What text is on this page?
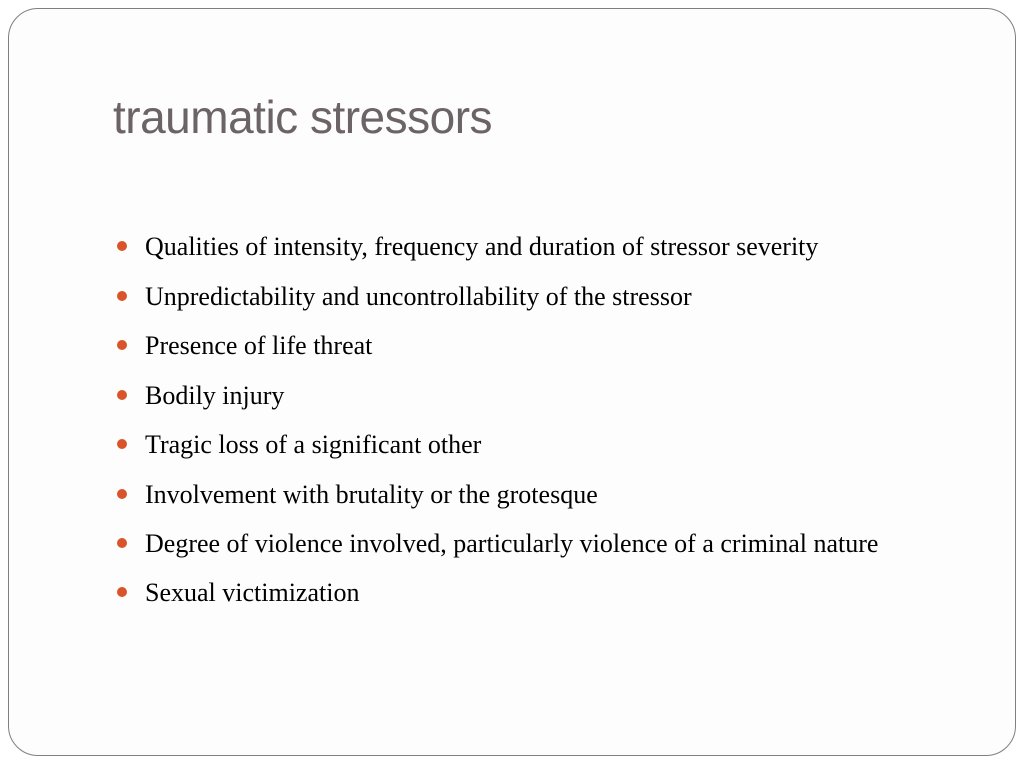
traumatic stressors
Qualities of intensity, frequency and duration of stressor severity
Unpredictability and uncontrollability of the stressor
Presence of life threat
Bodily injury
Tragic loss of a significant other
Involvement with brutality or the grotesque
Degree of violence involved, particularly violence of a criminal nature
Sexual victimization
